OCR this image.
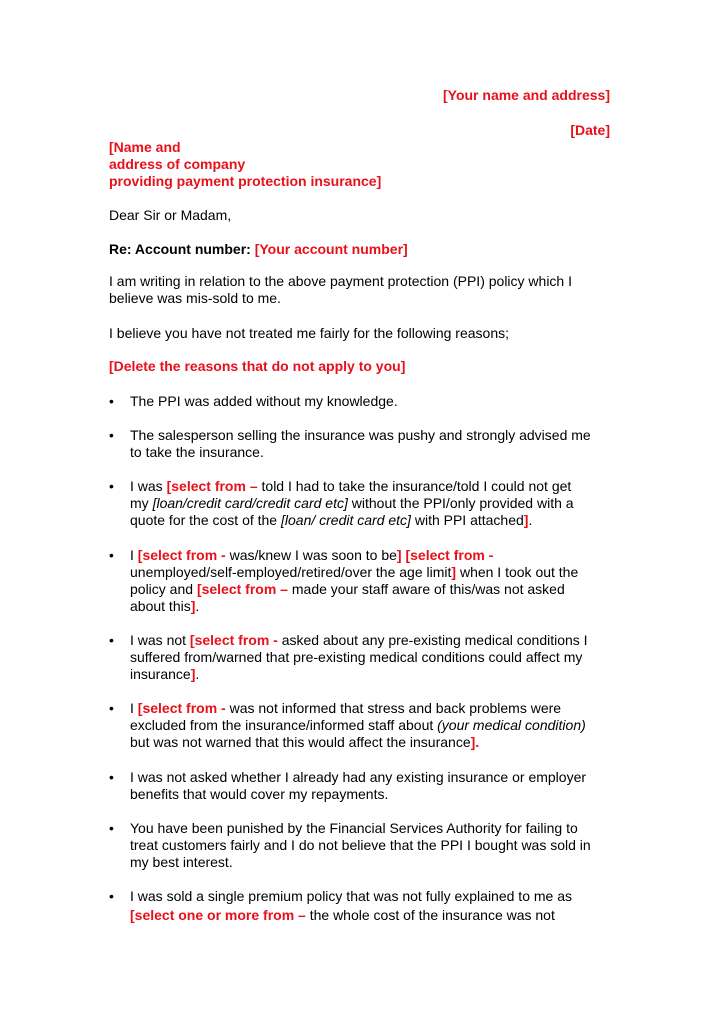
[Your name and address]
[Date]
[Name and
address of company
providing payment protection insurance]
Dear Sir or Madam,
Re: Account number: [Your account number]
I am writing in relation to the above payment protection (PPI) policy which I
believe was mis-sold to me.
I believe you have not treated me fairly for the following reasons;
[Delete the reasons that do not apply to you]
•	The PPI was added without my knowledge.
•	The salesperson selling the insurance was pushy and strongly advised me
to take the insurance.
•	I was [select from – told I had to take the insurance/told I could not get
my [loan/credit card/credit card etc] without the PPI/only provided with a
quote for the cost of the [loan/ credit card etc] with PPI attached].
•	I [select from - was/knew I was soon to be] [select from -
unemployed/self-employed/retired/over the age limit] when I took out the
policy and [select from – made your staff aware of this/was not asked
about this].
•	I was not [select from - asked about any pre-existing medical conditions I
suffered from/warned that pre-existing medical conditions could affect my
insurance].
•	I [select from - was not informed that stress and back problems were
excluded from the insurance/informed staff about (your medical condition)
but was not warned that this would affect the insurance].
•	I was not asked whether I already had any existing insurance or employer
benefits that would cover my repayments.
•	You have been punished by the Financial Services Authority for failing to
treat customers fairly and I do not believe that the PPI I bought was sold in
my best interest.
•	I was sold a single premium policy that was not fully explained to me as
[select one or more from – the whole cost of the insurance was not
